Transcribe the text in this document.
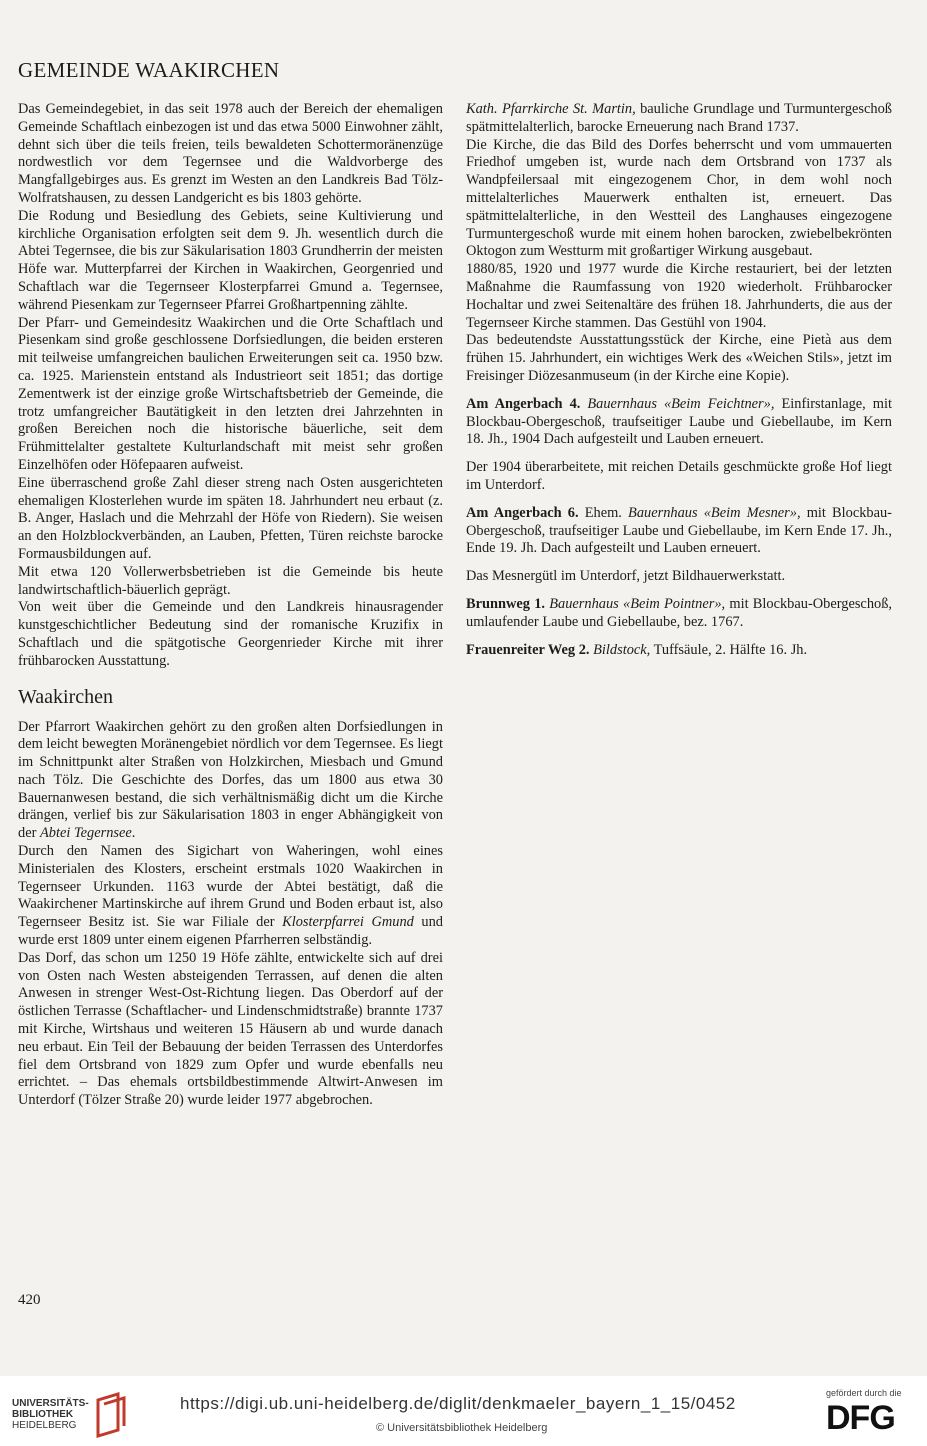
GEMEINDE WAAKIRCHEN

Das Gemeindegebiet, in das seit 1978 auch der Bereich der ehemaligen Gemeinde Schaftlach einbezogen ist und das etwa 5000 Einwohner zählt, dehnt sich über die teils freien, teils bewaldeten Schottermoränenzüge nordwestlich vor dem Tegernsee und die Waldvorberge des Mangfallgebirges aus. Es grenzt im Westen an den Landkreis Bad Tölz-Wolfratshausen, zu dessen Landgericht es bis 1803 gehörte.

Die Rodung und Besiedlung des Gebiets, seine Kultivierung und kirchliche Organisation erfolgten seit dem 9. Jh. wesentlich durch die Abtei Tegernsee, die bis zur Säkularisation 1803 Grundherrin der meisten Höfe war. Mutterpfarrei der Kirchen in Waakirchen, Georgenried und Schaftlach war die Tegernseer Klosterpfarrei Gmund a. Tegernsee, während Piesenkam zur Tegernseer Pfarrei Großhartpenning zählte.

Der Pfarr- und Gemeindesitz Waakirchen und die Orte Schaftlach und Piesenkam sind große geschlossene Dorfsiedlungen, die beiden ersteren mit teilweise umfangreichen baulichen Erweiterungen seit ca. 1950 bzw. ca. 1925. Marienstein entstand als Industrieort seit 1851; das dortige Zementwerk ist der einzige große Wirtschaftsbetrieb der Gemeinde, die trotz umfangreicher Bautätigkeit in den letzten drei Jahrzehnten in großen Bereichen noch die historische bäuerliche, seit dem Frühmittelalter gestaltete Kulturlandschaft mit meist sehr großen Einzelhöfen oder Höfepaaren aufweist.

Eine überraschend große Zahl dieser streng nach Osten ausgerichteten ehemaligen Klosterlehen wurde im späten 18. Jahrhundert neu erbaut (z. B. Anger, Haslach und die Mehrzahl der Höfe von Riedern). Sie weisen an den Holzblockverbänden, an Lauben, Pfetten, Türen reichste barocke Formausbildungen auf.

Mit etwa 120 Vollerwerbsbetrieben ist die Gemeinde bis heute landwirtschaftlich-bäuerlich geprägt.

Von weit über die Gemeinde und den Landkreis hinausragender kunstgeschichtlicher Bedeutung sind der romanische Kruzifix in Schaftlach und die spätgotische Georgenrieder Kirche mit ihrer frühbarocken Ausstattung.

Waakirchen

Der Pfarrort Waakirchen gehört zu den großen alten Dorfsiedlungen in dem leicht bewegten Moränengebiet nördlich vor dem Tegernsee. Es liegt im Schnittpunkt alter Straßen von Holzkirchen, Miesbach und Gmund nach Tölz. Die Geschichte des Dorfes, das um 1800 aus etwa 30 Bauernanwesen bestand, die sich verhältnismäßig dicht um die Kirche drängen, verlief bis zur Säkularisation 1803 in enger Abhängigkeit von der Abtei Tegernsee.

Durch den Namen des Sigichart von Waheringen, wohl eines Ministerialen des Klosters, erscheint erstmals 1020 Waakirchen in Tegernseer Urkunden. 1163 wurde der Abtei bestätigt, daß die Waakirchener Martinskirche auf ihrem Grund und Boden erbaut ist, also Tegernseer Besitz ist. Sie war Filiale der Klosterpfarrei Gmund und wurde erst 1809 unter einem eigenen Pfarrherren selbständig.

Das Dorf, das schon um 1250 19 Höfe zählte, entwickelte sich auf drei von Osten nach Westen absteigenden Terrassen, auf denen die alten Anwesen in strenger West-Ost-Richtung liegen. Das Oberdorf auf der östlichen Terrasse (Schaftlacher- und Lindenschmidtstraße) brannte 1737 mit Kirche, Wirtshaus und weiteren 15 Häusern ab und wurde danach neu erbaut. Ein Teil der Bebauung der beiden Terrassen des Unterdorfes fiel dem Ortsbrand von 1829 zum Opfer und wurde ebenfalls neu errichtet. – Das ehemals ortsbildbestimmende Altwirt-Anwesen im Unterdorf (Tölzer Straße 20) wurde leider 1977 abgebrochen.

Kath. Pfarrkirche St. Martin, bauliche Grundlage und Turmuntergeschoß spätmittelalterlich, barocke Erneuerung nach Brand 1737.

Die Kirche, die das Bild des Dorfes beherrscht und vom ummauerten Friedhof umgeben ist, wurde nach dem Ortsbrand von 1737 als Wandpfeilersaal mit eingezogenem Chor, in dem wohl noch mittelalterliches Mauerwerk enthalten ist, erneuert. Das spätmittelalterliche, in den Westteil des Langhauses eingezogene Turmuntergeschoß wurde mit einem hohen barocken, zwiebelbekrönten Oktogon zum Westturm mit großartiger Wirkung ausgebaut.

1880/85, 1920 und 1977 wurde die Kirche restauriert, bei der letzten Maßnahme die Raumfassung von 1920 wiederholt. Frühbarocker Hochaltar und zwei Seitenaltäre des frühen 18. Jahrhunderts, die aus der Tegernseer Kirche stammen. Das Gestühl von 1904.

Das bedeutendste Ausstattungsstück der Kirche, eine Pietà aus dem frühen 15. Jahrhundert, ein wichtiges Werk des «Weichen Stils», jetzt im Freisinger Diözesanmuseum (in der Kirche eine Kopie).

Am Angerbach 4. Bauernhaus «Beim Feichtner», Einfirstanlage, mit Blockbau-Obergeschoß, traufseitiger Laube und Giebellaube, im Kern 18. Jh., 1904 Dach aufgesteilt und Lauben erneuert.

Der 1904 überarbeitete, mit reichen Details geschmückte große Hof liegt im Unterdorf.

Am Angerbach 6. Ehem. Bauernhaus «Beim Mesner», mit Blockbau-Obergeschoß, traufseitiger Laube und Giebellaube, im Kern Ende 17. Jh., Ende 19. Jh. Dach aufgesteilt und Lauben erneuert.

Das Mesnergütl im Unterdorf, jetzt Bildhauerwerkstatt.

Brunnweg 1. Bauernhaus «Beim Pointner», mit Blockbau-Obergeschoß, umlaufender Laube und Giebellaube, bez. 1767.

Frauenreiter Weg 2. Bildstock, Tuffsäule, 2. Hälfte 16. Jh.

420
UNIVERSITÄTS-
BIBLIOTHEK
HEIDELBERG
https://digi.ub.uni-heidelberg.de/diglit/denkmaeler_bayern_1_15/0452
© Universitätsbibliothek Heidelberg
gefördert durch die
DFG
